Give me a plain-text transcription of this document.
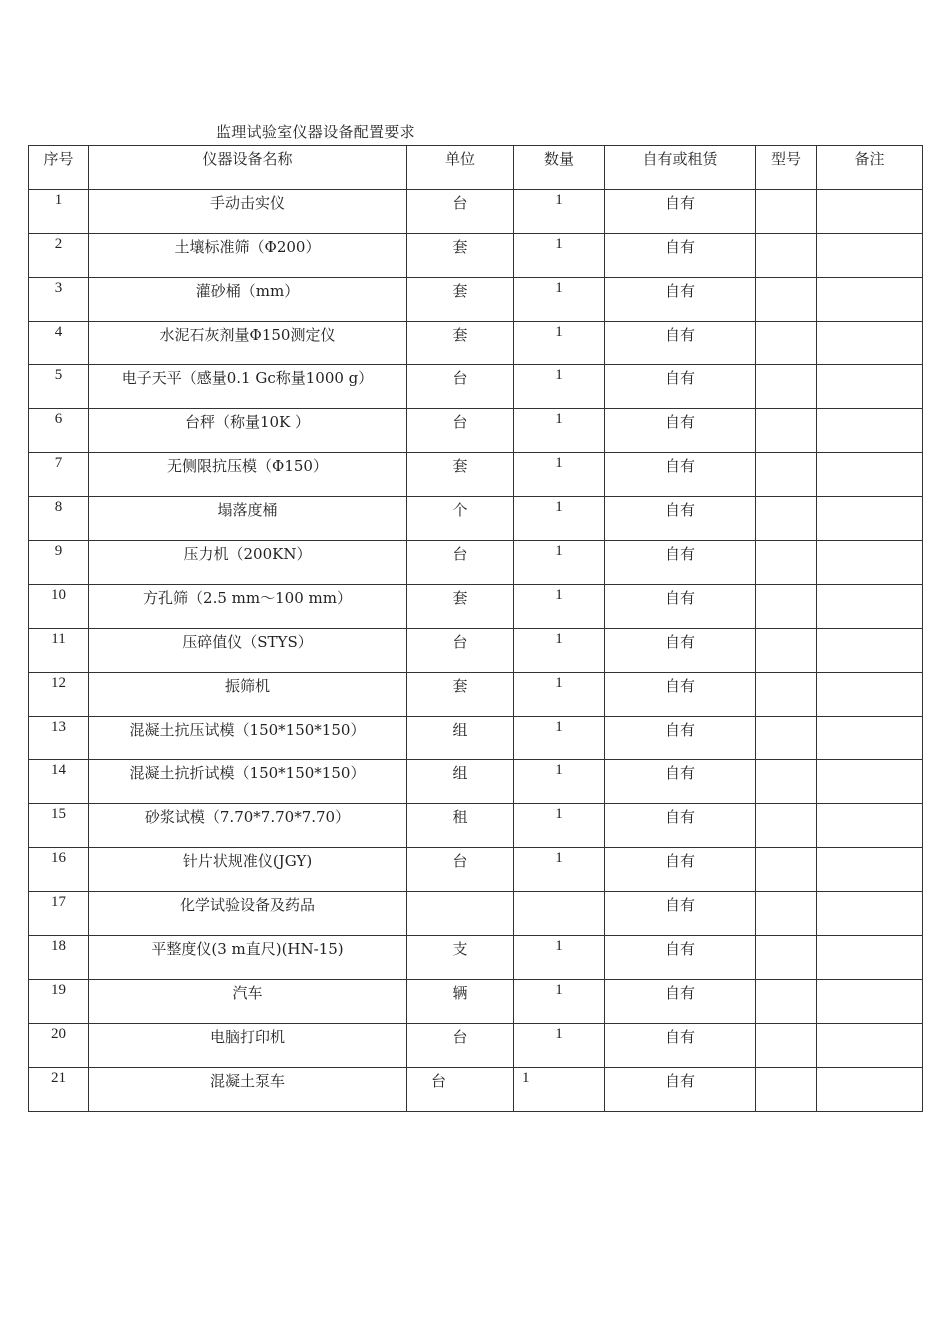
监理试验室仪器设备配置要求
序号	仪器设备名称	单位	数量	自有或租赁	型号	备注
1	手动击实仪	台	1	自有		
2	土壤标准筛（Φ200）	套	1	自有		
3	灌砂桶（mm）	套	1	自有		
4	水泥石灰剂量Φ150测定仪	套	1	自有		
5	电子天平（感量0.1 Gc称量1000 g）	台	1	自有		
6	台秤（称量10K ）	台	1	自有		
7	无侧限抗压模（Φ150）	套	1	自有		
8	塌落度桶	个	1	自有		
9	压力机（200KN）	台	1	自有		
10	方孔筛（2.5 mm～100 mm）	套	1	自有		
11	压碎值仪（STYS）	台	1	自有		
12	振筛机	套	1	自有		
13	混凝土抗压试模（150*150*150）	组	1	自有		
14	混凝土抗折试模（150*150*150）	组	1	自有		
15	砂浆试模（7.70*7.70*7.70）	租	1	自有		
16	针片状规准仪(JGY)	台	1	自有		
17	化学试验设备及药品			自有		
18	平整度仪(3 m直尺)(HN-15)	支	1	自有		
19	汽车	辆	1	自有		
20	电脑打印机	台	1	自有		
21	混凝土泵车	台	1	自有		
